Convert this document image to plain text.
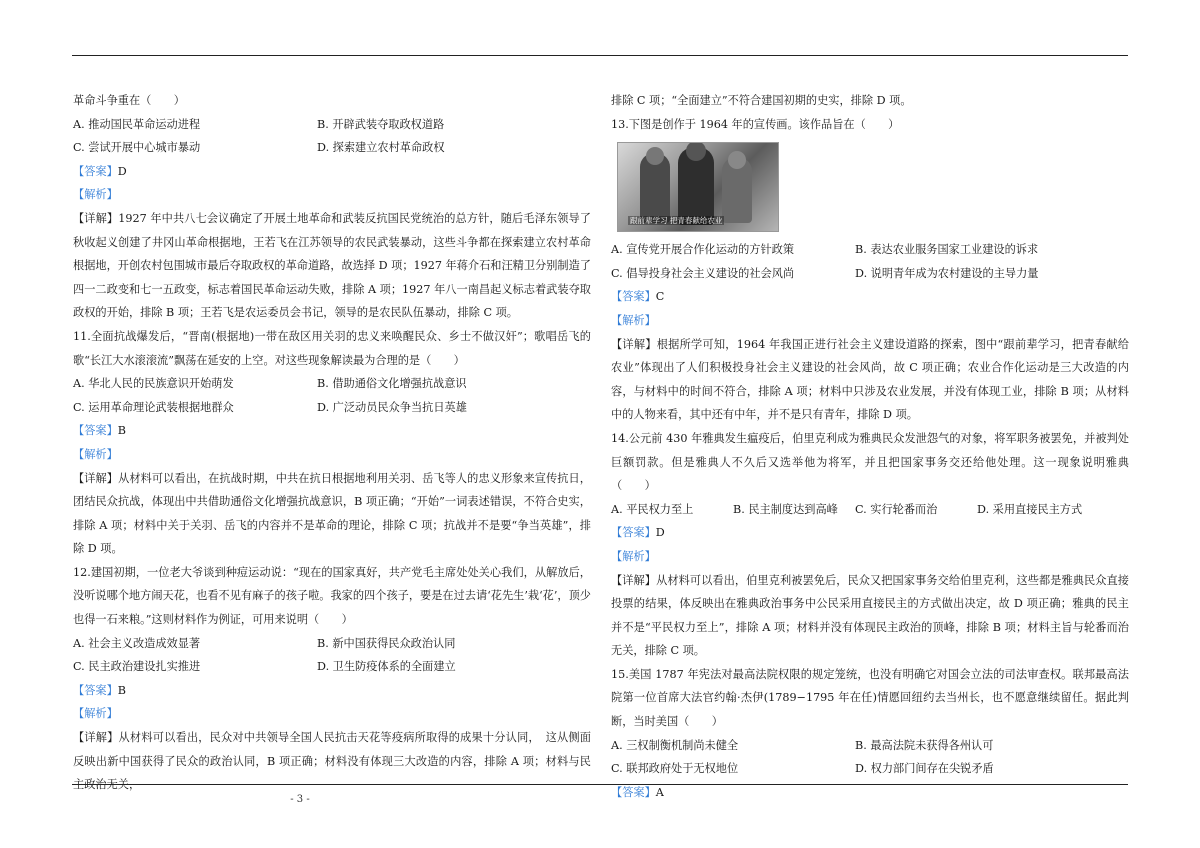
革命斗争重在（　　）
A. 推动国民革命运动进程	B. 开辟武装夺取政权道路
C. 尝试开展中心城市暴动	D. 探索建立农村革命政权
【答案】D
【解析】
【详解】1927 年中共八七会议确定了开展土地革命和武装反抗国民党统治的总方针，随后毛泽东领导了秋收起义创建了井冈山革命根据地，王若飞在江苏领导的农民武装暴动，这些斗争都在探索建立农村革命根据地，开创农村包围城市最后夺取政权的革命道路，故选择 D 项；1927 年蒋介石和汪精卫分别制造了四一二政变和七一五政变，标志着国民革命运动失败，排除 A 项；1927 年八一南昌起义标志着武装夺取政权的开始，排除 B 项；王若飞是农运委员会书记，领导的是农民队伍暴动，排除 C 项。
11.全面抗战爆发后，“晋南(根据地)一带在敌区用关羽的忠义来唤醒民众、乡士不做汉奸”；歌唱岳飞的歌“长江大水滚滚流”飘荡在延安的上空。对这些现象解读最为合理的是（　　）
A. 华北人民的民族意识开始萌发	B. 借助通俗文化增强抗战意识
C. 运用革命理论武装根据地群众	D. 广泛动员民众争当抗日英雄
【答案】B
【解析】
【详解】从材料可以看出，在抗战时期，中共在抗日根据地利用关羽、岳飞等人的忠义形象来宣传抗日，团结民众抗战，体现出中共借助通俗文化增强抗战意识，B 项正确；“开始”一词表述错误，不符合史实，排除 A 项；材料中关于关羽、岳飞的内容并不是革命的理论，排除 C 项；抗战并不是要“争当英雄”，排除 D 项。
12.建国初期，一位老大爷谈到种痘运动说：“现在的国家真好，共产党毛主席处处关心我们，从解放后，没听说哪个地方闹天花，也看不见有麻子的孩子啦。我家的四个孩子，要是在过去请‘花先生’栽‘花’，顶少也得一石来粮。”这则材料作为例证，可用来说明（　　）
A. 社会主义改造成效显著	B. 新中国获得民众政治认同
C. 民主政治建设扎实推进	D. 卫生防疫体系的全面建立
【答案】B
【解析】
【详解】从材料可以看出，民众对中共领导全国人民抗击天花等疫病所取得的成果十分认同，　这从侧面反映出新中国获得了民众的政治认同，B 项正确；材料没有体现三大改造的内容，排除 A 项；材料与民主政治无关，
排除 C 项；“全面建立”不符合建国初期的史实，排除 D 项。
13.下图是创作于 1964 年的宣传画。该作品旨在（　　）
跟前辈学习 把青春献给农业
A. 宣传党开展合作化运动的方针政策	B. 表达农业服务国家工业建设的诉求
C. 倡导投身社会主义建设的社会风尚	D. 说明青年成为农村建设的主导力量
【答案】C
【解析】
【详解】根据所学可知，1964 年我国正进行社会主义建设道路的探索，图中“跟前辈学习，把青春献给农业”体现出了人们积极投身社会主义建设的社会风尚，故 C 项正确；农业合作化运动是三大改造的内容，与材料中的时间不符合，排除 A 项；材料中只涉及农业发展，并没有体现工业，排除 B 项；从材料中的人物来看，其中还有中年，并不是只有青年，排除 D 项。
14.公元前 430 年雅典发生瘟疫后，伯里克利成为雅典民众发泄怨气的对象，将军职务被罢免，并被判处巨额罚款。但是雅典人不久后又选举他为将军，并且把国家事务交还给他处理。这一现象说明雅典（　　）
A. 平民权力至上	B. 民主制度达到高峰	C. 实行轮番而治	D. 采用直接民主方式
【答案】D
【解析】
【详解】从材料可以看出，伯里克利被罢免后，民众又把国家事务交给伯里克利，这些都是雅典民众直接投票的结果，体反映出在雅典政治事务中公民采用直接民主的方式做出决定，故 D 项正确；雅典的民主并不是“平民权力至上”，排除 A 项；材料并没有体现民主政治的顶峰，排除 B 项；材料主旨与轮番而治无关，排除 C 项。
15.美国 1787 年宪法对最高法院权限的规定笼统，也没有明确它对国会立法的司法审查权。联邦最高法院第一位首席大法官约翰·杰伊(1789−1795 年在任)情愿回纽约去当州长，也不愿意继续留任。据此判断，当时美国（　　）
A. 三权制衡机制尚未健全	B. 最高法院未获得各州认可
C. 联邦政府处于无权地位	D. 权力部门间存在尖锐矛盾
【答案】A
- 3 -
